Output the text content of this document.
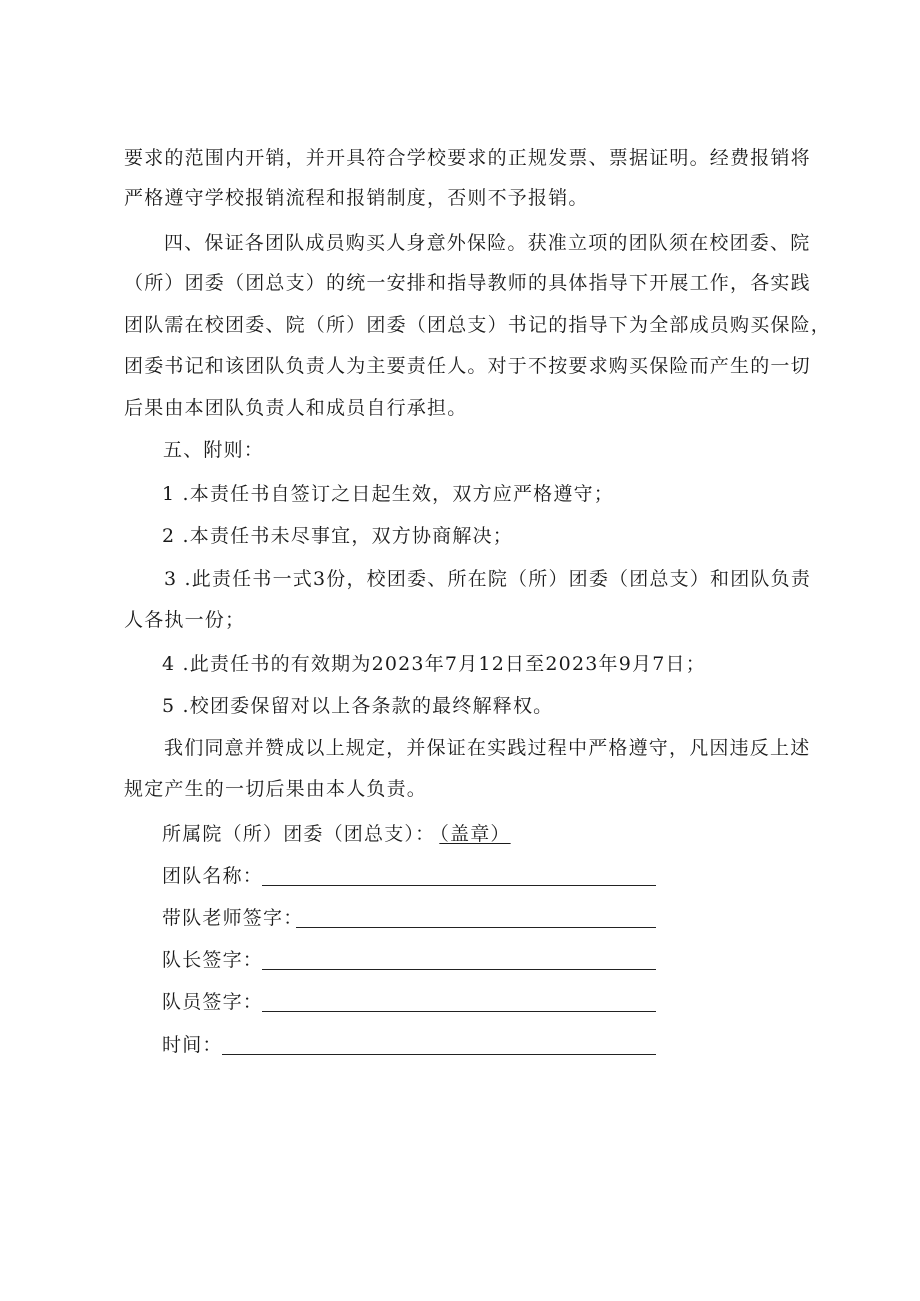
要求的范围内开销，并开具符合学校要求的正规发票、票据证明。经费报销将
严格遵守学校报销流程和报销制度，否则不予报销。
四、保证各团队成员购买人身意外保险。获准立项的团队须在校团委、院
（所）团委（团总支）的统一安排和指导教师的具体指导下开展工作，各实践
团队需在校团委、院（所）团委（团总支）书记的指导下为全部成员购买保险，
团委书记和该团队负责人为主要责任人。对于不按要求购买保险而产生的一切
后果由本团队负责人和成员自行承担。
五、附则：
1 .本责任书自签订之日起生效，双方应严格遵守；
2 .本责任书未尽事宜，双方协商解决；
3 .此责任书一式3份，校团委、所在院（所）团委（团总支）和团队负责
人各执一份；
4 .此责任书的有效期为2023年7月12日至2023年9月7日；
5 .校团委保留对以上各条款的最终解释权。
我们同意并赞成以上规定，并保证在实践过程中严格遵守，凡因违反上述
规定产生的一切后果由本人负责。
所属院（所）团委（团总支）： （盖章）
团队名称：
带队老师签字：
队长签字：
队员签字：
时间：
